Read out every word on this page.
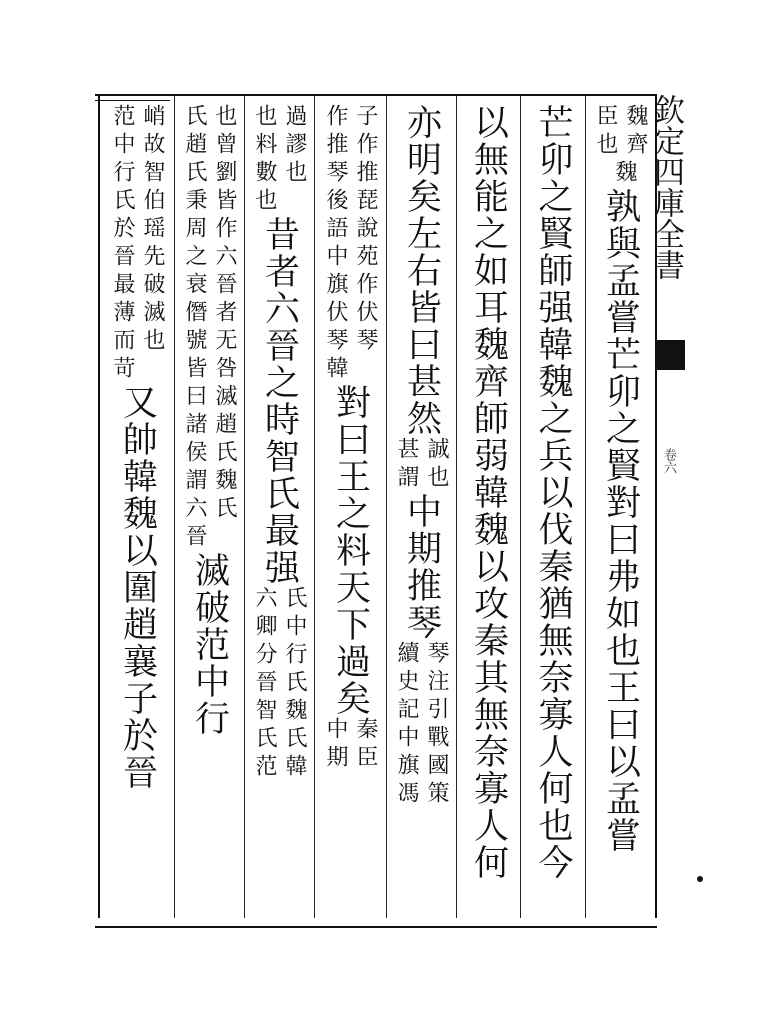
欽定四庫全書
卷六
魏齊
臣也
魏
孰與孟嘗芒卯之賢對曰弗如也王曰以孟嘗
芒卯之賢師强韓魏之兵以伐秦猶無奈寡人何也今
以無能之如耳魏齊師弱韓魏以攻秦其無奈寡人何
亦明矣左右皆曰甚然
誠也
甚謂
中期推琴
琴注引戰國策
續史記中旗馮
子作推琵說苑作伏琴
作推琴後語中旗伏琴韓
對曰王之料天下過矣
秦臣
中期
過謬也
也料數也
昔者六晉之時智氏最强
氏中行氏魏氏韓
六卿分晉智氏范
也曾劉皆作六晉者无咎滅趙氏魏氏
氏趙氏秉周之衰僭號皆曰諸侯謂六晉
滅破范中行
峭故智伯瑶先破滅也
范中行氏於晉最薄而苛
又帥韓魏以圍趙襄子於晉
